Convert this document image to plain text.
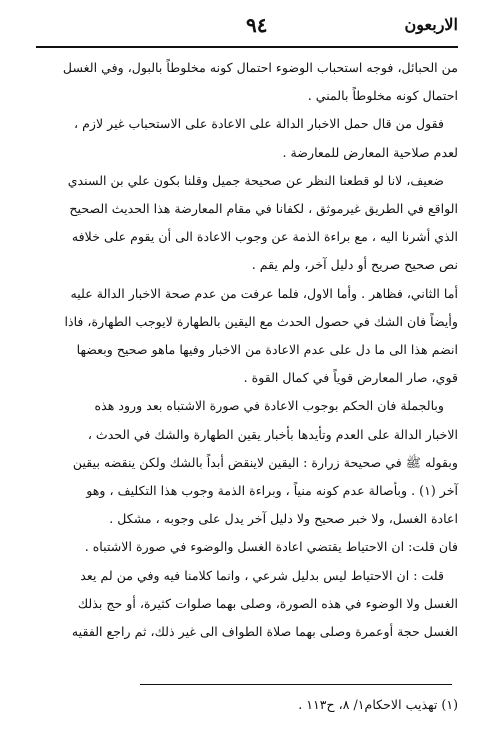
الاربعون
٩٤
من الحبائل، فوجه استحباب الوضوء احتمال كونه مخلوطاً بالبول، وفي الغسل
احتمال كونه مخلوطاً بالمني .
فقول من قال حمل الاخبار الدالة على الاعادة على الاستحباب غير لازم ،
لعدم صلاحية المعارض للمعارضة .
ضعيف، لانا لو قطعنا النظر عن صحيحة جميل وقلنا بكون علي بن السندي
الواقع في الطريق غيرموثق ، لكفانا في مقام المعارضة هذا الحديث الصحيح
الذي أشرنا اليه ، مع براءة الذمة عن وجوب الاعادة الى أن يقوم على خلافه
نص صحيح صريح أو دليل آخر، ولم يقم .
أما الثاني، فظاهر . وأما الاول، فلما عرفت من عدم صحة الاخبار الدالة عليه
وأيضاً فان الشك في حصول الحدث مع اليقين بالطهارة لايوجب الطهارة، فاذا
انضم هذا الى ما دل على عدم الاعادة من الاخبار وفيها ماهو صحيح وبعضها
قوي، صار المعارض قوياً في كمال القوة .
وبالجملة فان الحكم بوجوب الاعادة في صورة الاشتباه بعد ورود هذه
الاخبار الدالة على العدم وتأيدها بأخبار يقين الطهارة والشك في الحدث ،
وبقوله ﷺ في صحيحة زرارة : اليقين لاينقض أبداً بالشك ولكن ينقضه بيقين
آخر (١) . وبأصالة عدم كونه منياً ، وبراءة الذمة وجوب هذا التكليف ، وهو
اعادة الغسل، ولا خبر صحيح ولا دليل آخر يدل على وجوبه ، مشكل .
فان قلت: ان الاحتياط يقتضي اعادة الغسل والوضوء في صورة الاشتباه .
قلت : ان الاحتياط ليس بدليل شرعي ، وانما كلامنا فيه وفي من لم يعد
الغسل ولا الوضوء في هذه الصورة، وصلى بهما صلوات كثيرة، أو حج بذلك
الغسل حجة أوعمرة وصلى بهما صلاة الطواف الى غير ذلك، ثم راجع الفقيه
(١) تهذيب الاحكام١/ ٨، ح١١٣ .
